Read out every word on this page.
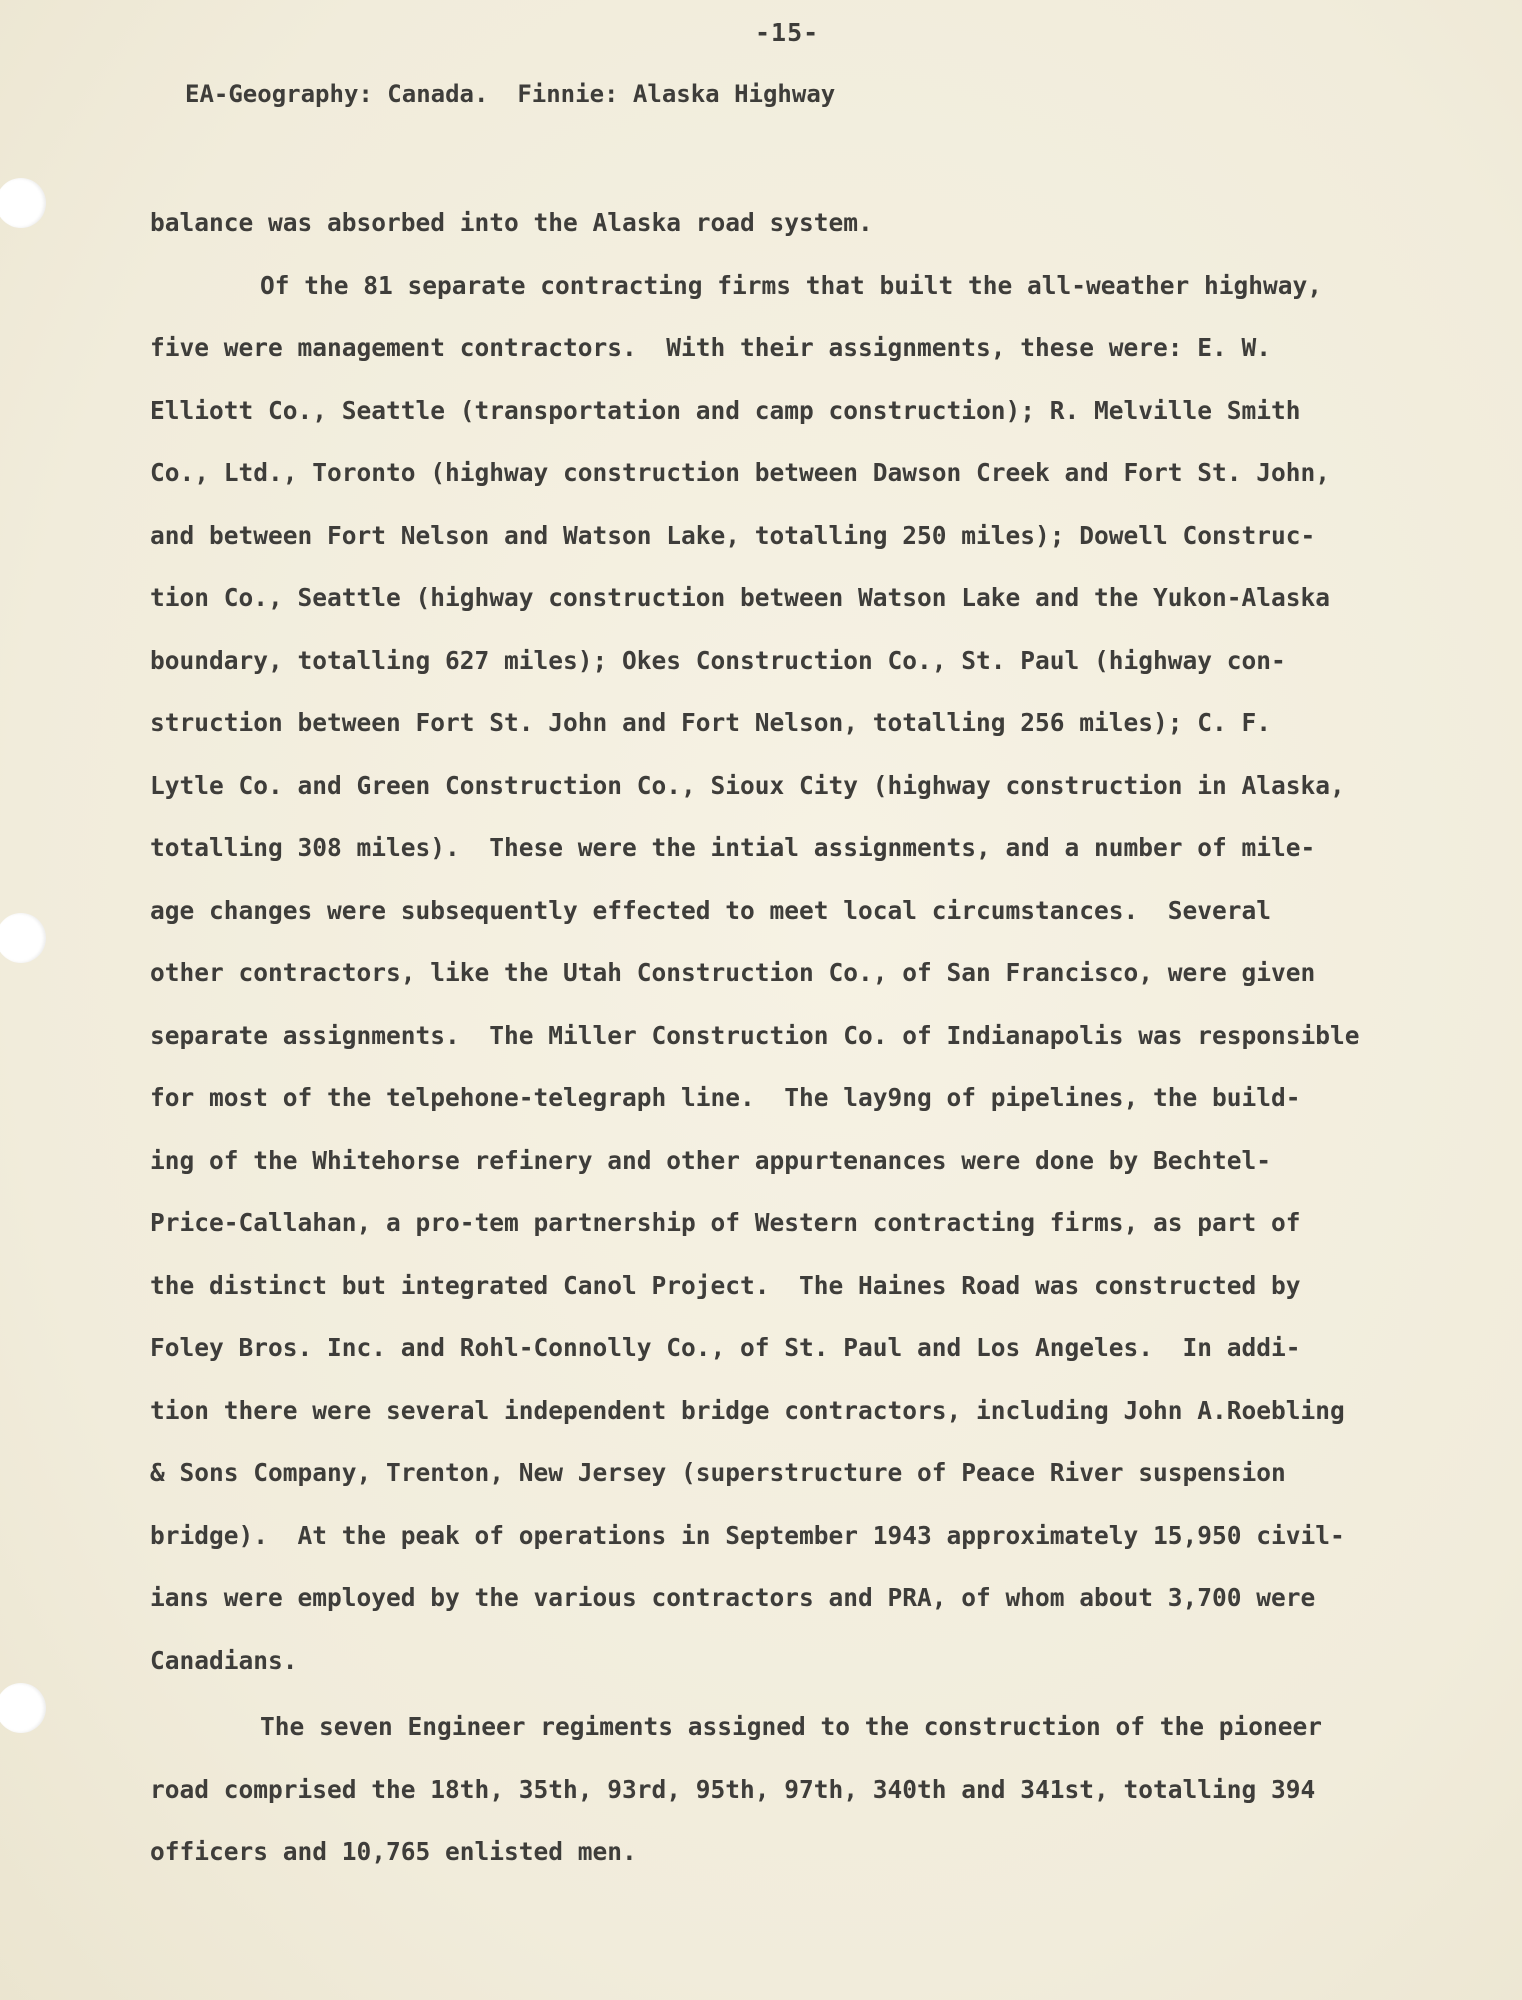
-15-
EA-Geography: Canada.  Finnie: Alaska Highway
balance was absorbed into the Alaska road system.
Of the 81 separate contracting firms that built the all-weather highway,
five were management contractors.  With their assignments, these were: E. W.
Elliott Co., Seattle (transportation and camp construction); R. Melville Smith
Co., Ltd., Toronto (highway construction between Dawson Creek and Fort St. John,
and between Fort Nelson and Watson Lake, totalling 250 miles); Dowell Construc-
tion Co., Seattle (highway construction between Watson Lake and the Yukon-Alaska
boundary, totalling 627 miles); Okes Construction Co., St. Paul (highway con-
struction between Fort St. John and Fort Nelson, totalling 256 miles); C. F.
Lytle Co. and Green Construction Co., Sioux City (highway construction in Alaska,
totalling 308 miles).  These were the intial assignments, and a number of mile-
age changes were subsequently effected to meet local circumstances.  Several
other contractors, like the Utah Construction Co., of San Francisco, were given
separate assignments.  The Miller Construction Co. of Indianapolis was responsible
for most of the telpehone-telegraph line.  The lay9ng of pipelines, the build-
ing of the Whitehorse refinery and other appurtenances were done by Bechtel-
Price-Callahan, a pro-tem partnership of Western contracting firms, as part of
the distinct but integrated Canol Project.  The Haines Road was constructed by
Foley Bros. Inc. and Rohl-Connolly Co., of St. Paul and Los Angeles.  In addi-
tion there were several independent bridge contractors, including John A.Roebling
& Sons Company, Trenton, New Jersey (superstructure of Peace River suspension
bridge).  At the peak of operations in September 1943 approximately 15,950 civil-
ians were employed by the various contractors and PRA, of whom about 3,700 were
Canadians.
The seven Engineer regiments assigned to the construction of the pioneer
road comprised the 18th, 35th, 93rd, 95th, 97th, 340th and 341st, totalling 394
officers and 10,765 enlisted men.
